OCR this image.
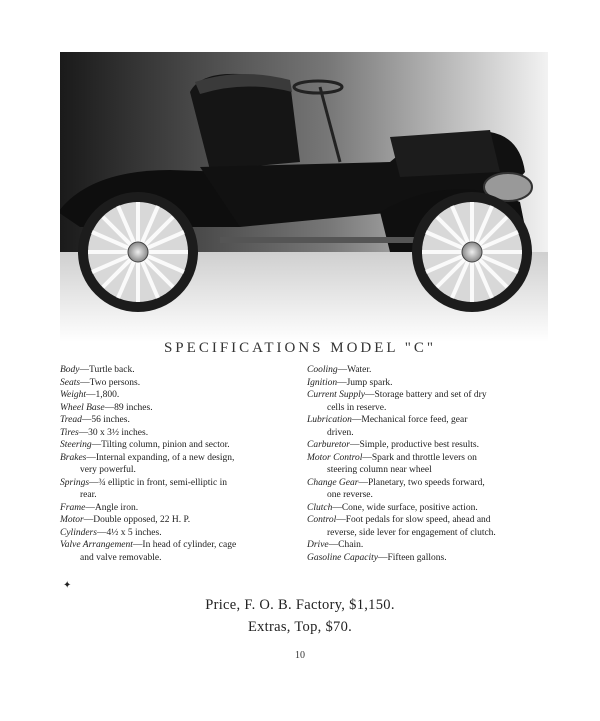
SPECIFICATIONS MODEL "C"

Body—Turtle back.

Seats—Two persons.

Weight—1,800.

Wheel Base—89 inches.

Tread—56 inches.

Tires—30 x 3½ inches.

Steering—Tilting column, pinion and sector.

Brakes—Internal expanding, of a new design,
very powerful.

Springs—¾ elliptic in front, semi-elliptic in
rear.

Frame—Angle iron.

Motor—Double opposed, 22 H. P.

Cylinders—4½ x 5 inches.

Valve Arrangement—In head of cylinder, cage
and valve removable.

Cooling—Water.

Ignition—Jump spark.

Current Supply—Storage battery and set of dry
cells in reserve.

Lubrication—Mechanical force feed, gear
driven.

Carburetor—Simple, productive best results.

Motor Control—Spark and throttle levers on
steering column near wheel

Change Gear—Planetary, two speeds forward,
one reverse.

Clutch—Cone, wide surface, positive action.

Control—Foot pedals for slow speed, ahead and
reverse, side lever for engagement of clutch.

Drive—Chain.

Gasoline Capacity—Fifteen gallons.

✦
Price, F. O. B. Factory, $1,150.
Extras, Top, $70.
10
